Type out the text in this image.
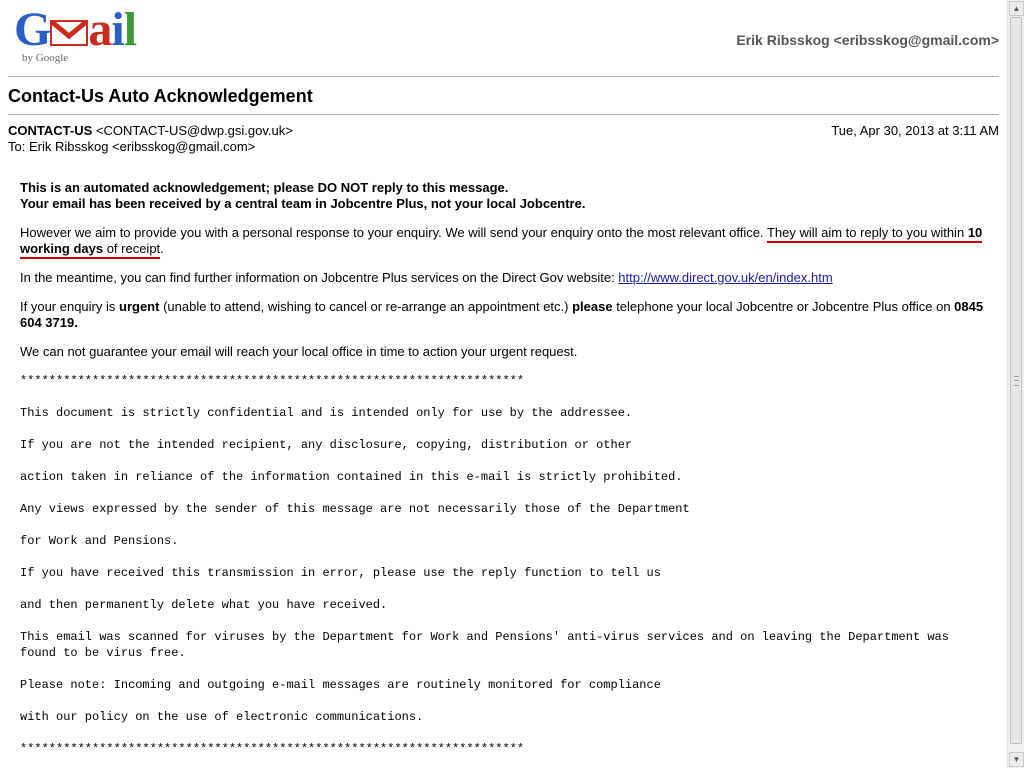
G ail
by Google
Erik Ribsskog <eribsskog@gmail.com>
Contact-Us Auto Acknowledgement
CONTACT-US <CONTACT-US@dwp.gsi.gov.uk>	Tue, Apr 30, 2013 at 3:11 AM
To: Erik Ribsskog <eribsskog@gmail.com>

This is an automated acknowledgement; please DO NOT reply to this message.
Your email has been received by a central team in Jobcentre Plus, not your local Jobcentre.

However we aim to provide you with a personal response to your enquiry. We will send your enquiry onto the most relevant office. They will aim to reply to you within 10 working days of receipt.

In the meantime, you can find further information on Jobcentre Plus services on the Direct Gov website: http://www.direct.gov.uk/en/index.htm

If your enquiry is urgent (unable to attend, wishing to cancel or re-arrange an appointment etc.) please telephone your local Jobcentre or Jobcentre Plus office on 0845 604 3719.

We can not guarantee your email will reach your local office in time to action your urgent request.

**********************************************************************
This document is strictly confidential and is intended only for use by the addressee.
If you are not the intended recipient, any disclosure, copying, distribution or other
action taken in reliance of the information contained in this e-mail is strictly prohibited.
Any views expressed by the sender of this message are not necessarily those of the Department
for Work and Pensions.
If you have received this transmission in error, please use the reply function to tell us
and then permanently delete what you have received.
This email was scanned for viruses by the Department for Work and Pensions' anti-virus services and on leaving the Department was found to be virus free.
Please note: Incoming and outgoing e-mail messages are routinely monitored for compliance
with our policy on the use of electronic communications.
**********************************************************************
▲
▼
